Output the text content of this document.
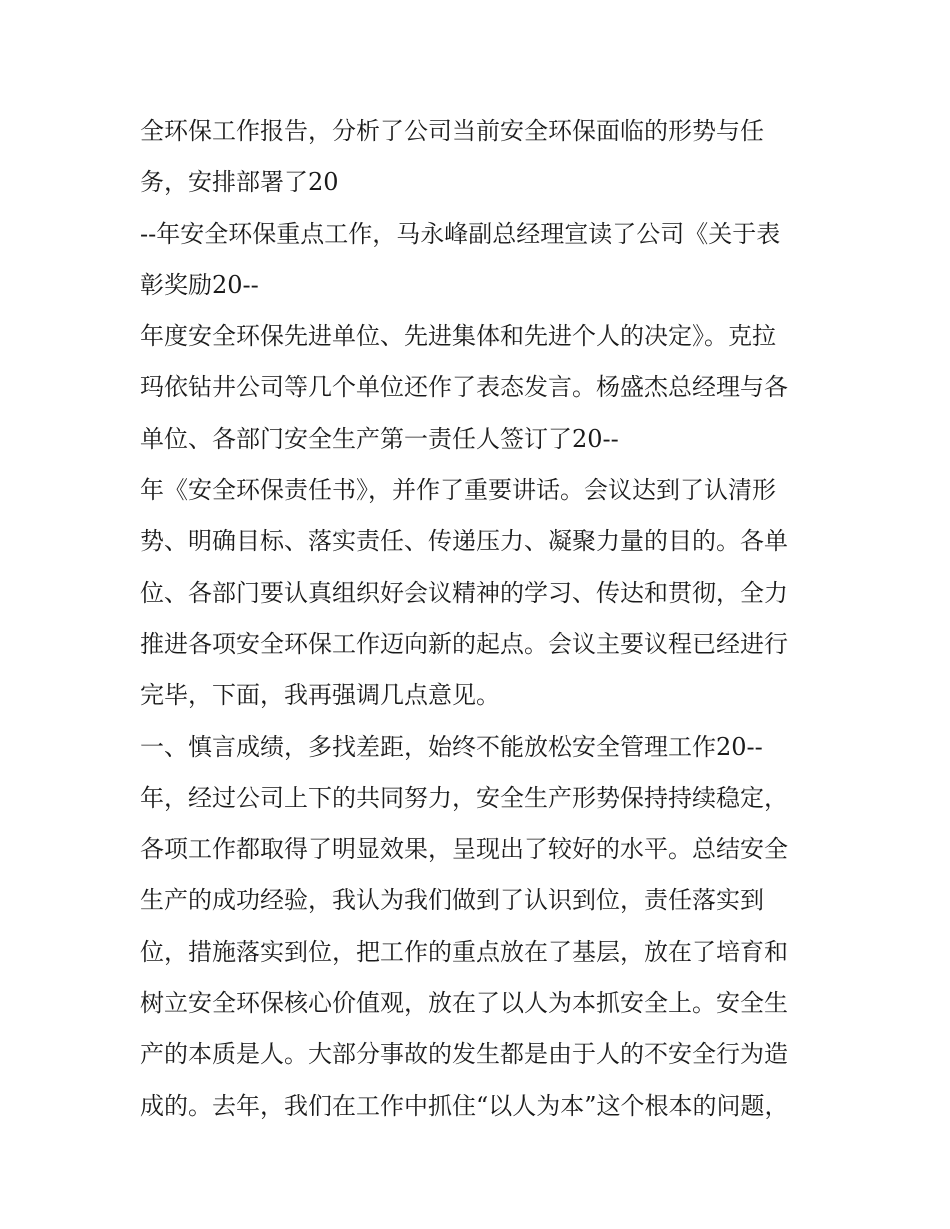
全环保工作报告，分析了公司当前安全环保面临的形势与任
务，安排部署了20
--年安全环保重点工作，马永峰副总经理宣读了公司《关于表
彰奖励20--
年度安全环保先进单位、先进集体和先进个人的决定》。克拉
玛依钻井公司等几个单位还作了表态发言。杨盛杰总经理与各
单位、各部门安全生产第一责任人签订了20--
年《安全环保责任书》，并作了重要讲话。会议达到了认清形
势、明确目标、落实责任、传递压力、凝聚力量的目的。各单
位、各部门要认真组织好会议精神的学习、传达和贯彻，全力
推进各项安全环保工作迈向新的起点。会议主要议程已经进行
完毕，下面，我再强调几点意见。
一、慎言成绩，多找差距，始终不能放松安全管理工作20--
年，经过公司上下的共同努力，安全生产形势保持持续稳定，
各项工作都取得了明显效果，呈现出了较好的水平。总结安全
生产的成功经验，我认为我们做到了认识到位，责任落实到
位，措施落实到位，把工作的重点放在了基层，放在了培育和
树立安全环保核心价值观，放在了以人为本抓安全上。安全生
产的本质是人。大部分事故的发生都是由于人的不安全行为造
成的。去年，我们在工作中抓住“以人为本”这个根本的问题，
